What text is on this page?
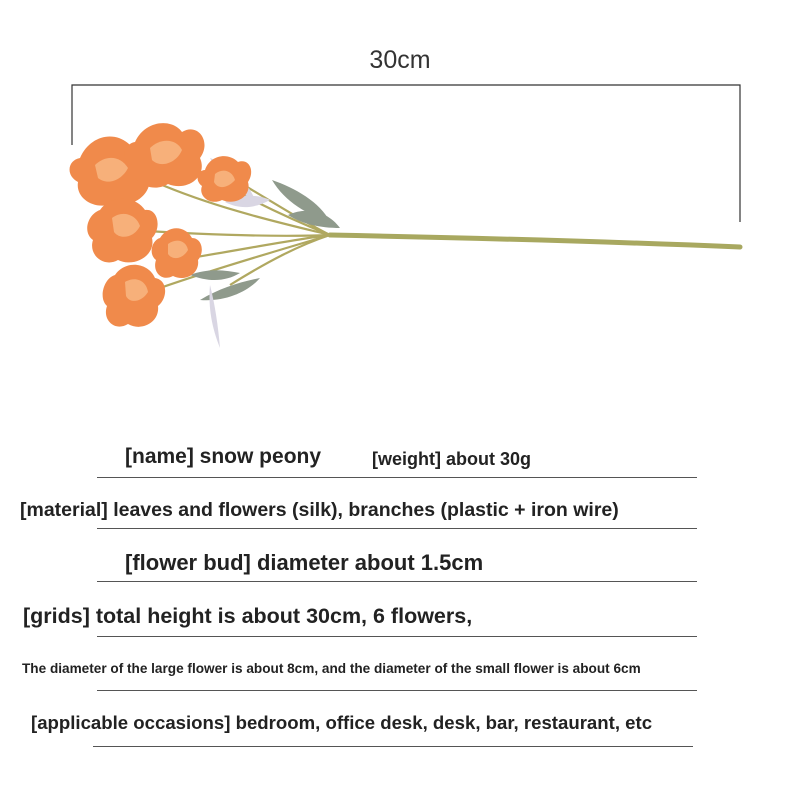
30cm
[name] snow peony	[weight] about 30g
[material] leaves and flowers (silk), branches (plastic + iron wire)
[flower bud] diameter about 1.5cm
[grids] total height is about 30cm, 6 flowers,
The diameter of the large flower is about 8cm, and the diameter of the small flower is about 6cm
[applicable occasions] bedroom, office desk, desk, bar, restaurant, etc
